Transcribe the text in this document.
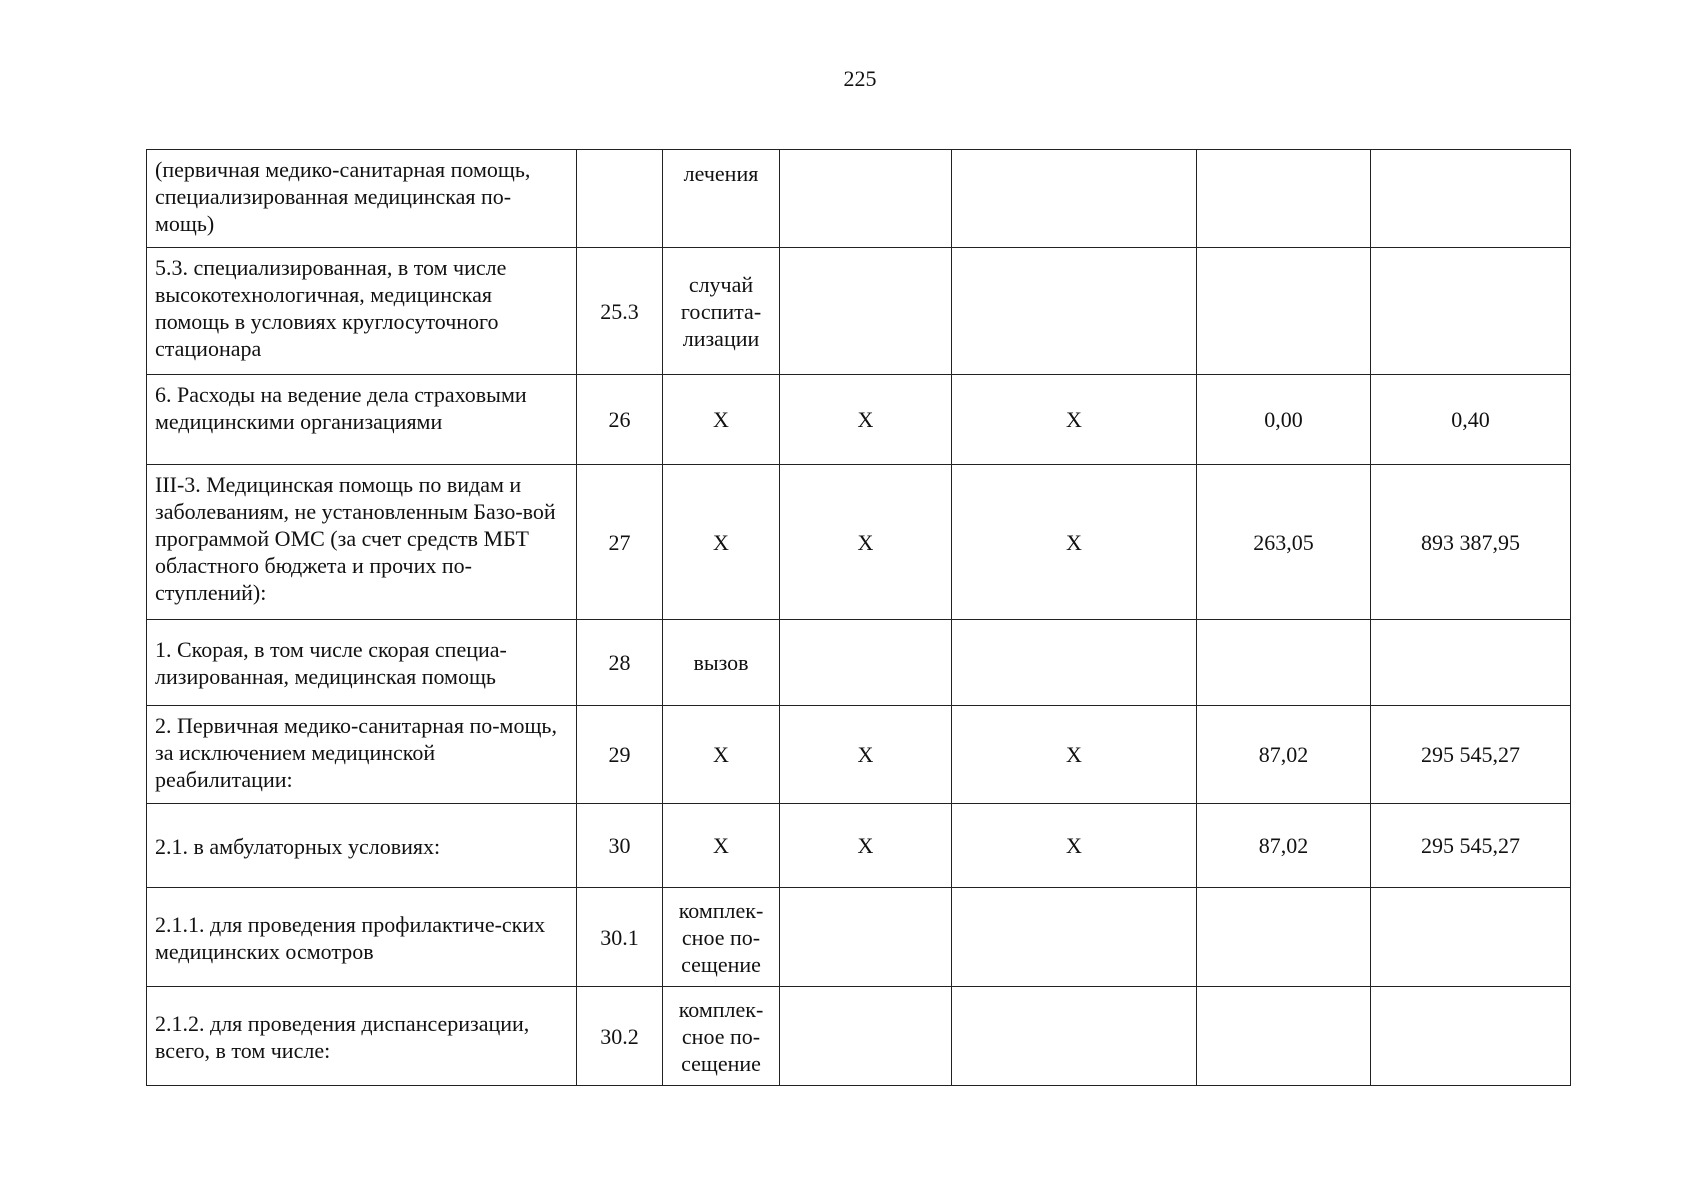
225
(первичная медико-санитарная помощь, специализированная медицинская по-мощь)		лечения				
5.3. специализированная, в том числе высокотехнологичная, медицинская помощь в условиях круглосуточного стационара	25.3	случай госпита-лизации				
6. Расходы на ведение дела страховыми медицинскими организациями	26	X	X	X	0,00	0,40
III-3. Медицинская помощь по видам и заболеваниям, не установленным Базо-вой программой ОМС (за счет средств МБТ областного бюджета и прочих по-ступлений):	27	X	X	X	263,05	893 387,95
1. Скорая, в том числе скорая специа-лизированная, медицинская помощь	28	вызов				
2. Первичная медико-санитарная по-мощь, за исключением медицинской реабилитации:	29	X	X	X	87,02	295 545,27
2.1. в амбулаторных условиях:	30	X	X	X	87,02	295 545,27
2.1.1. для проведения профилактиче-ских медицинских осмотров	30.1	комплек-сное по-сещение				
2.1.2. для проведения диспансеризации, всего, в том числе:	30.2	комплек-сное по-сещение				
